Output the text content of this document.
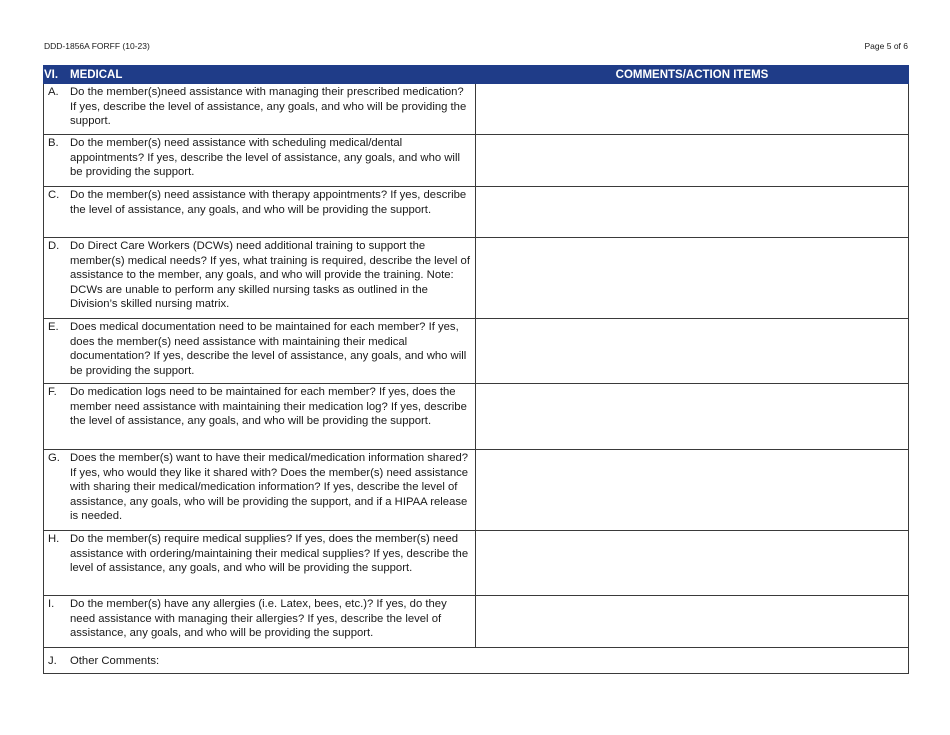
DDD-1856A FORFF (10-23)	Page 5 of 6
VI. MEDICAL	COMMENTS/ACTION ITEMS

A. Do the member(s)need assistance with managing their prescribed medication? If yes, describe the level of assistance, any goals, and who will be providing the support.	

B. Do the member(s) need assistance with scheduling medical/dental appointments? If yes, describe the level of assistance, any goals, and who will be providing the support.	

C. Do the member(s) need assistance with therapy appointments? If yes, describe the level of assistance, any goals, and who will be providing the support.	

D. Do Direct Care Workers (DCWs) need additional training to support the member(s) medical needs? If yes, what training is required, describe the level of assistance to the member, any goals, and who will provide the training. Note: DCWs are unable to perform any skilled nursing tasks as outlined in the Division’s skilled nursing matrix.	

E. Does medical documentation need to be maintained for each member? If yes, does the member(s) need assistance with maintaining their medical documentation? If yes, describe the level of assistance, any goals, and who will be providing the support.	

F. Do medication logs need to be maintained for each member? If yes, does the member need assistance with maintaining their medication log? If yes, describe the level of assistance, any goals, and who will be providing the support.	

G. Does the member(s) want to have their medical/medication information shared? If yes, who would they like it shared with? Does the member(s) need assistance with sharing their medical/medication information? If yes, describe the level of assistance, any goals, who will be providing the support, and if a HIPAA release is needed.	

H. Do the member(s) require medical supplies? If yes, does the member(s) need assistance with ordering/maintaining their medical supplies? If yes, describe the level of assistance, any goals, and who will be providing the support.	

I. Do the member(s) have any allergies (i.e. Latex, bees, etc.)? If yes, do they need assistance with managing their allergies? If yes, describe the level of assistance, any goals, and who will be providing the support.	

J. Other Comments:	
